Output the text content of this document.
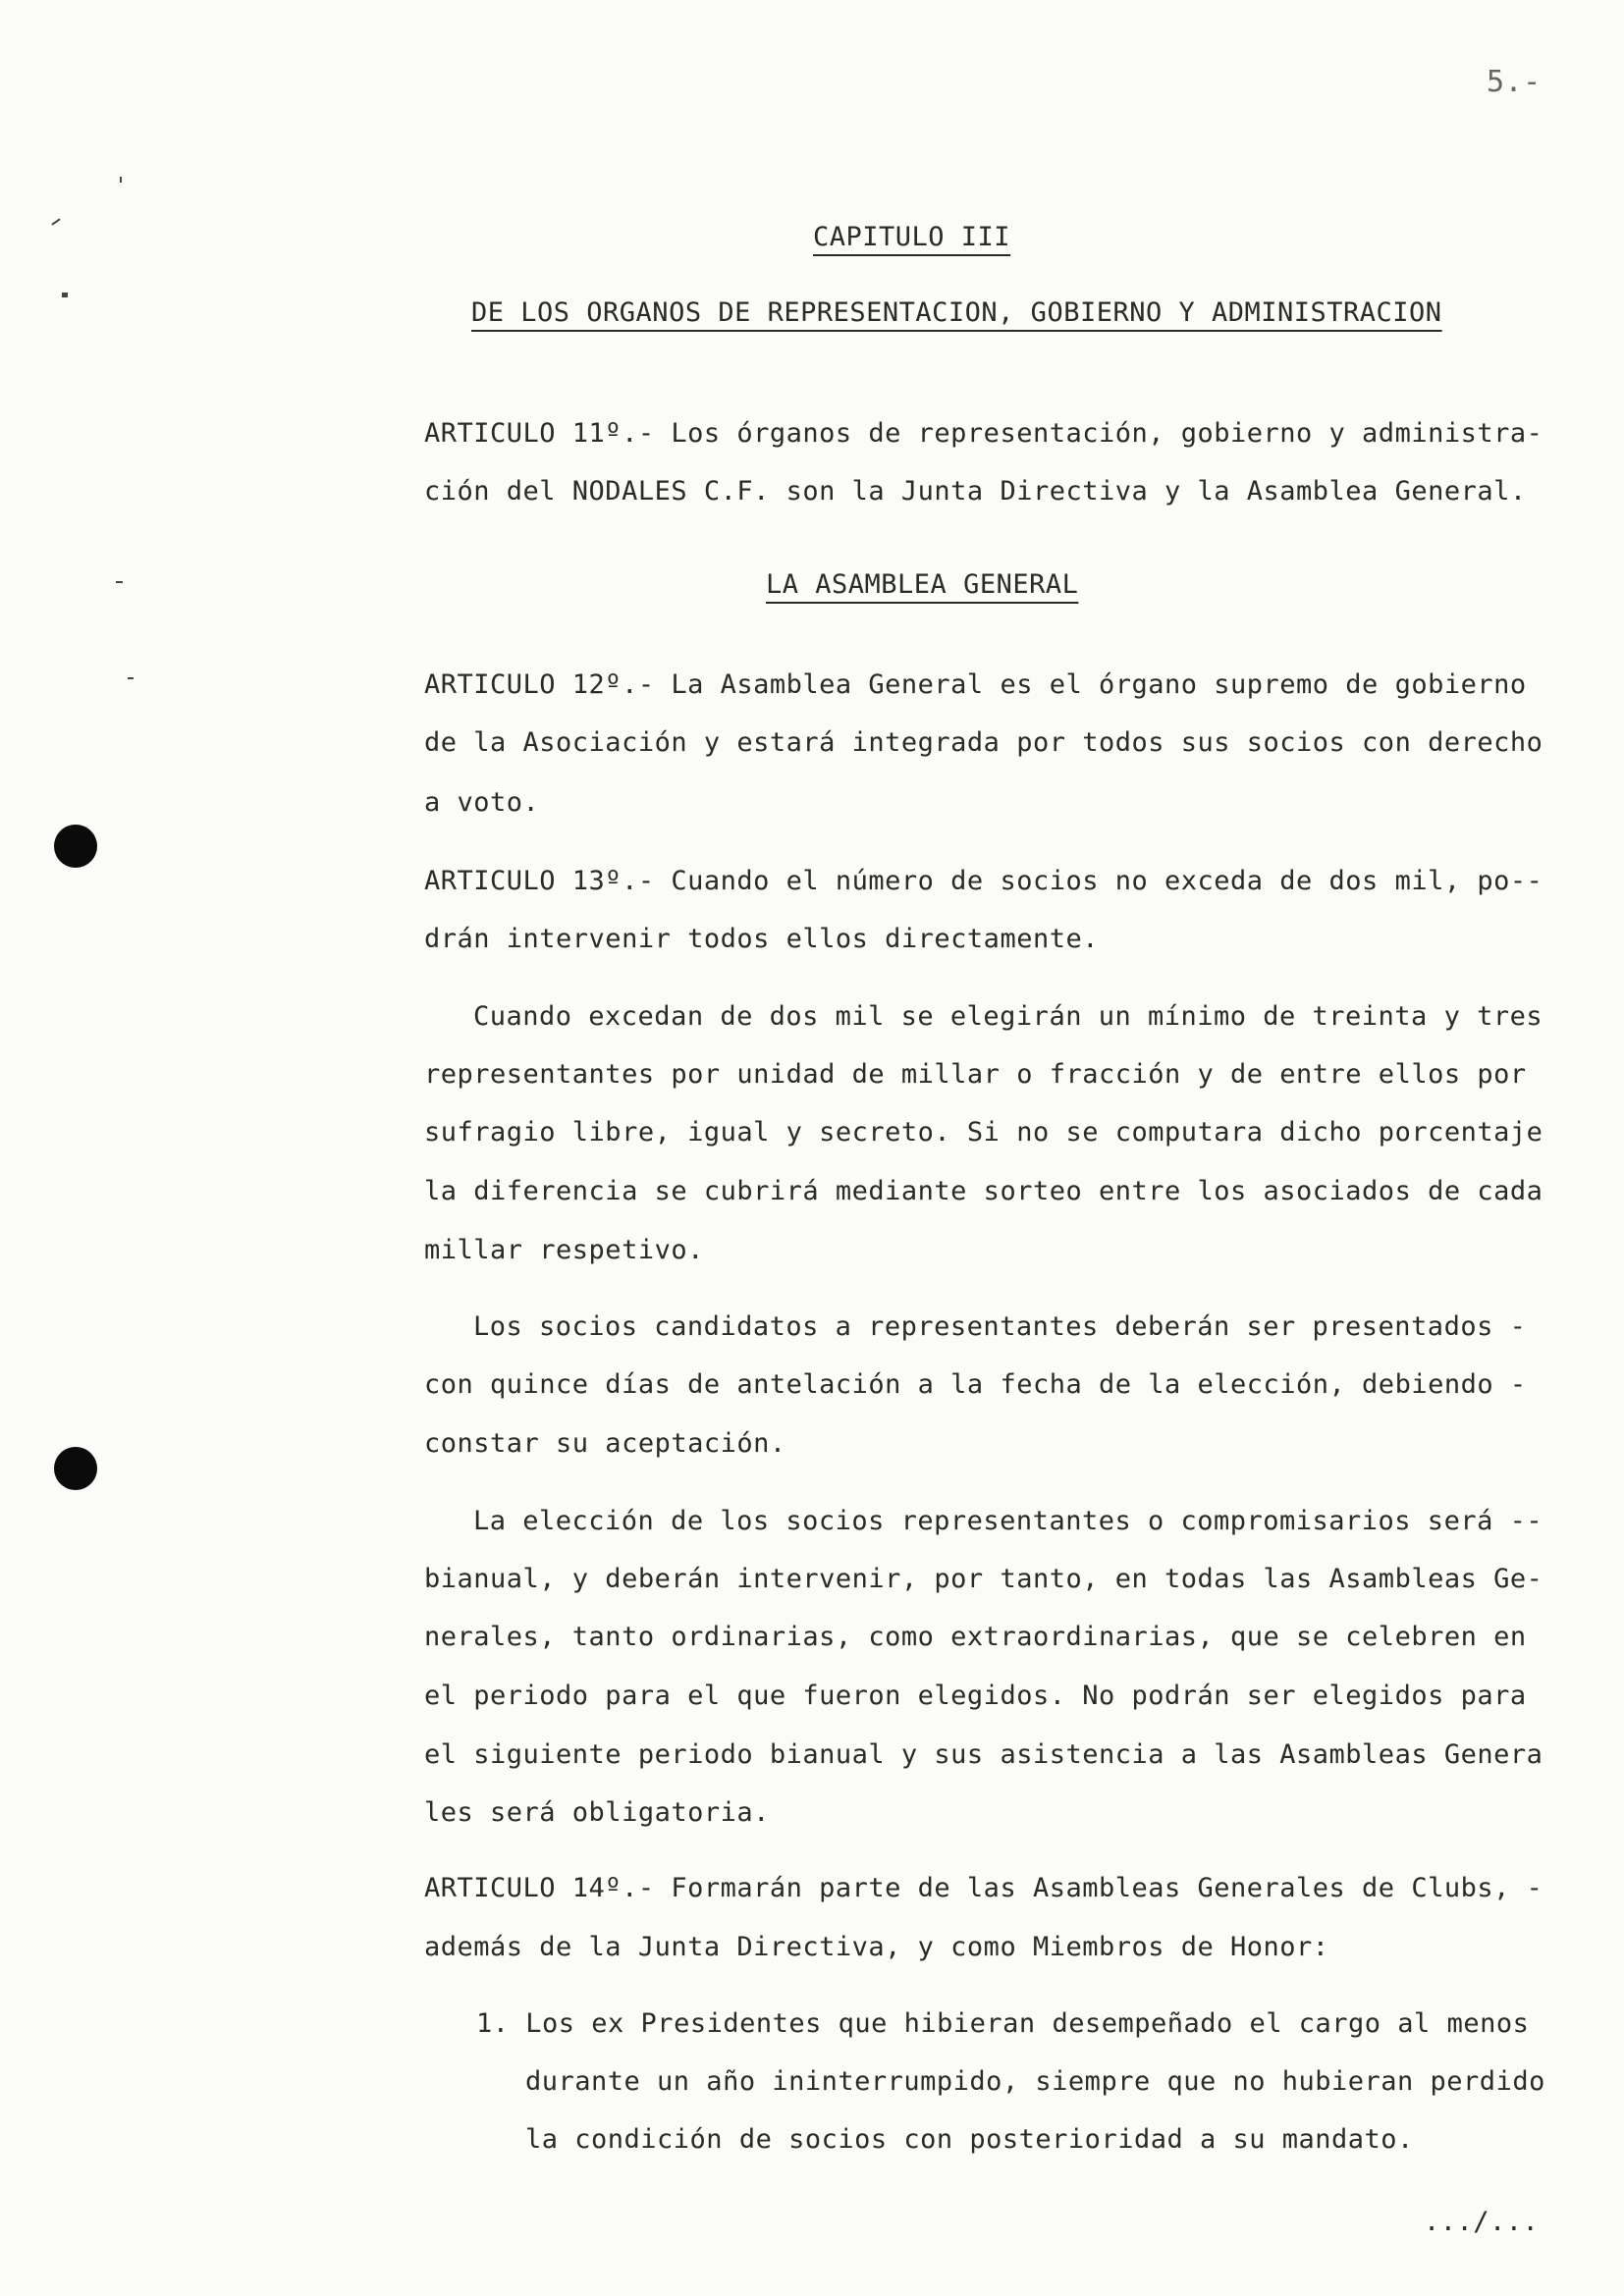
5.-
CAPITULO III
DE LOS ORGANOS DE REPRESENTACION, GOBIERNO Y ADMINISTRACION
ARTICULO 11º.- Los órganos de representación, gobierno y administra-
ción del NODALES C.F. son la Junta Directiva y la Asamblea General.
LA ASAMBLEA GENERAL
ARTICULO 12º.- La Asamblea General es el órgano supremo de gobierno
de la Asociación y estará integrada por todos sus socios con derecho
a voto.
ARTICULO 13º.- Cuando el número de socios no exceda de dos mil, po--
drán intervenir todos ellos directamente.
Cuando excedan de dos mil se elegirán un mínimo de treinta y tres
representantes por unidad de millar o fracción y de entre ellos por
sufragio libre, igual y secreto. Si no se computara dicho porcentaje
la diferencia se cubrirá mediante sorteo entre los asociados de cada
millar respetivo.
Los socios candidatos a representantes deberán ser presentados -
con quince días de antelación a la fecha de la elección, debiendo -
constar su aceptación.
La elección de los socios representantes o compromisarios será --
bianual, y deberán intervenir, por tanto, en todas las Asambleas Ge-
nerales, tanto ordinarias, como extraordinarias, que se celebren en
el periodo para el que fueron elegidos. No podrán ser elegidos para
el siguiente periodo bianual y sus asistencia a las Asambleas Genera
les será obligatoria.
ARTICULO 14º.- Formarán parte de las Asambleas Generales de Clubs, -
además de la Junta Directiva, y como Miembros de Honor:
1. Los ex Presidentes que hibieran desempeñado el cargo al menos
durante un año ininterrumpido, siempre que no hubieran perdido
la condición de socios con posterioridad a su mandato.
.../...
